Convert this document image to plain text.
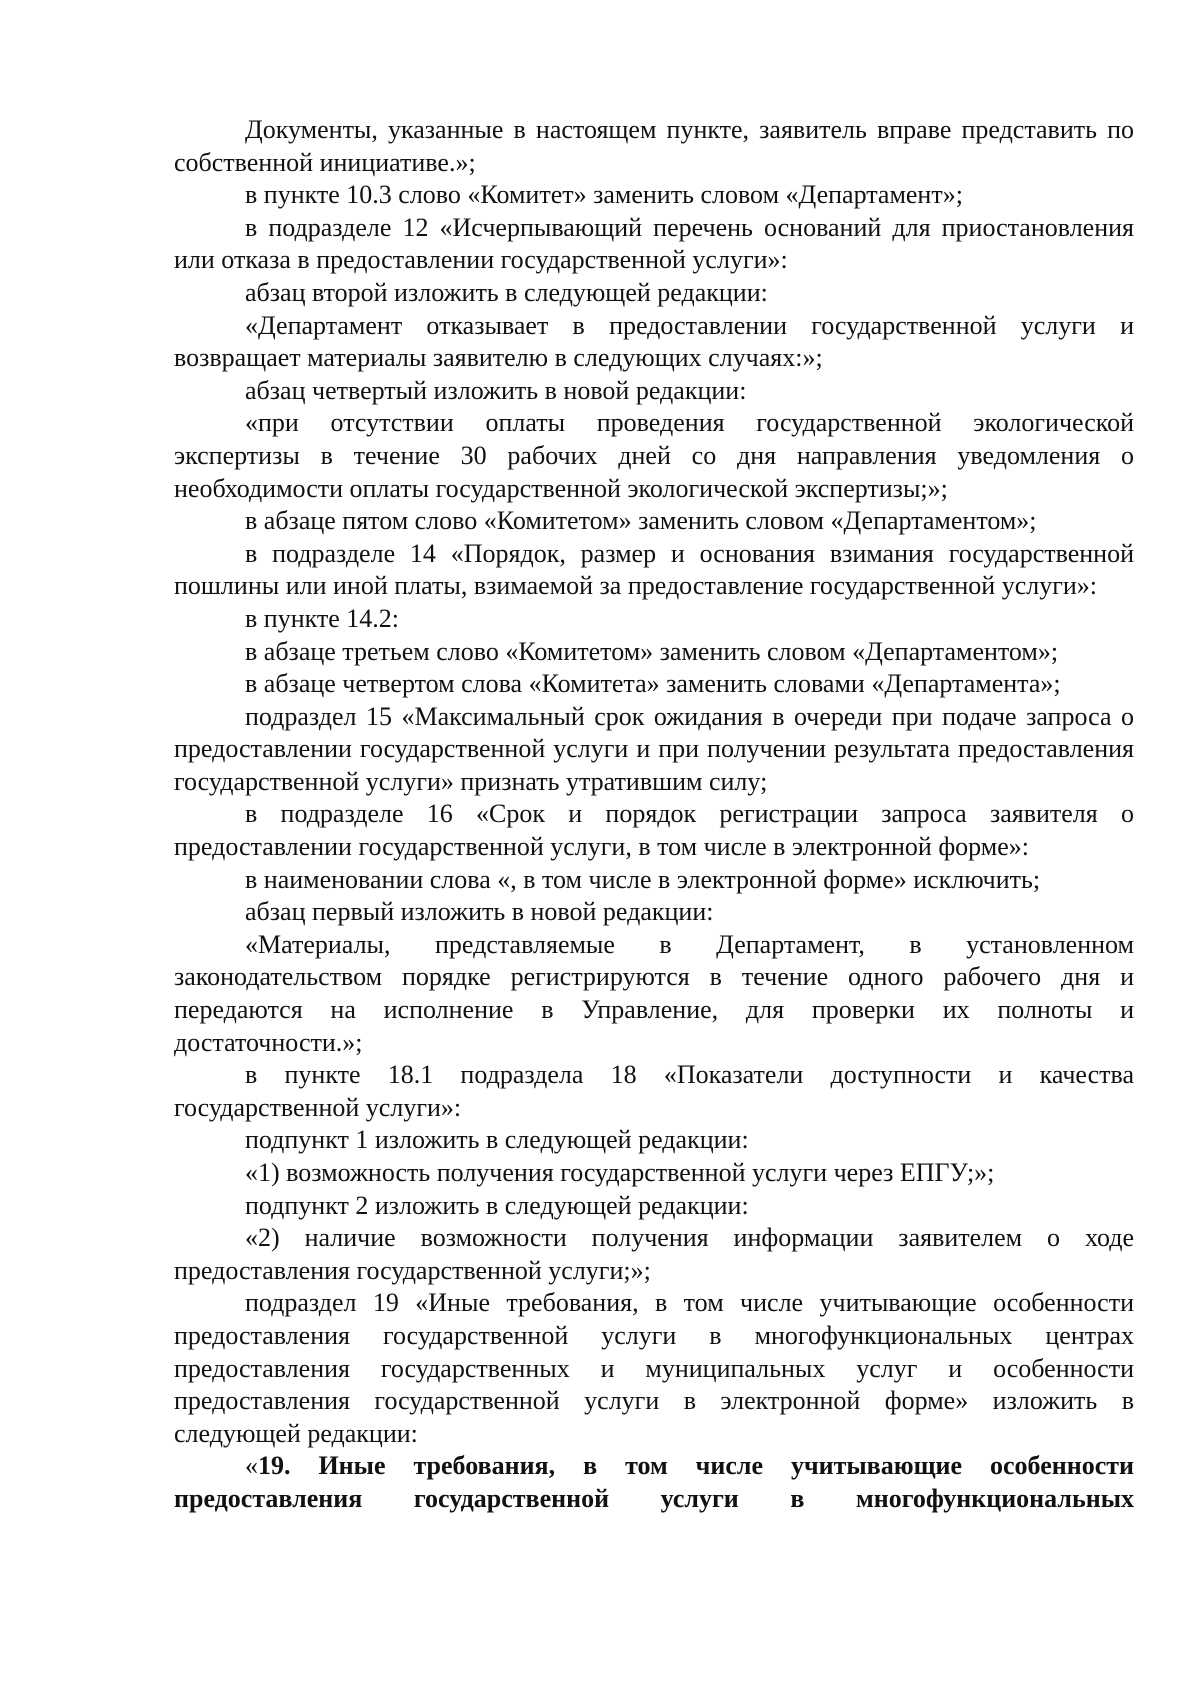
Документы, указанные в настоящем пункте, заявитель вправе представить по собственной инициативе.»;

в пункте 10.3 слово «Комитет» заменить словом «Департамент»;

в подразделе 12 «Исчерпывающий перечень оснований для приостановления или отказа в предоставлении государственной услуги»:

абзац второй изложить в следующей редакции:

«Департамент отказывает в предоставлении государственной услуги и возвращает материалы заявителю в следующих случаях:»;

абзац четвертый изложить в новой редакции:

«при отсутствии оплаты проведения государственной экологической экспертизы в течение 30 рабочих дней со дня направления уведомления о необходимости оплаты государственной экологической экспертизы;»;

в абзаце пятом слово «Комитетом» заменить словом «Департаментом»;

в подразделе 14 «Порядок, размер и основания взимания государственной пошлины или иной платы, взимаемой за предоставление государственной услуги»:

в пункте 14.2:

в абзаце третьем слово «Комитетом» заменить словом «Департаментом»;

в абзаце четвертом слова «Комитета» заменить словами «Департамента»;

подраздел 15 «Максимальный срок ожидания в очереди при подаче запроса о предоставлении государственной услуги и при получении результата предоставления государственной услуги» признать утратившим силу;

в подразделе 16 «Срок и порядок регистрации запроса заявителя о предоставлении государственной услуги, в том числе в электронной форме»:

в наименовании слова «, в том числе в электронной форме» исключить;

абзац первый изложить в новой редакции:

«Материалы, представляемые в Департамент, в установленном законодательством порядке регистрируются в течение одного рабочего дня и передаются на исполнение в Управление, для проверки их полноты и достаточности.»;

в пункте 18.1 подраздела 18 «Показатели доступности и качества государственной услуги»:

подпункт 1 изложить в следующей редакции:

«1) возможность получения государственной услуги через ЕПГУ;»;

подпункт 2 изложить в следующей редакции:

«2) наличие возможности получения информации заявителем о ходе предоставления государственной услуги;»;

подраздел 19 «Иные требования, в том числе учитывающие особенности предоставления государственной услуги в многофункциональных центрах предоставления государственных и муниципальных услуг и особенности предоставления государственной услуги в электронной форме» изложить в следующей редакции:

«19. Иные требования, в том числе учитывающие особенности предоставления государственной услуги в многофункциональных
